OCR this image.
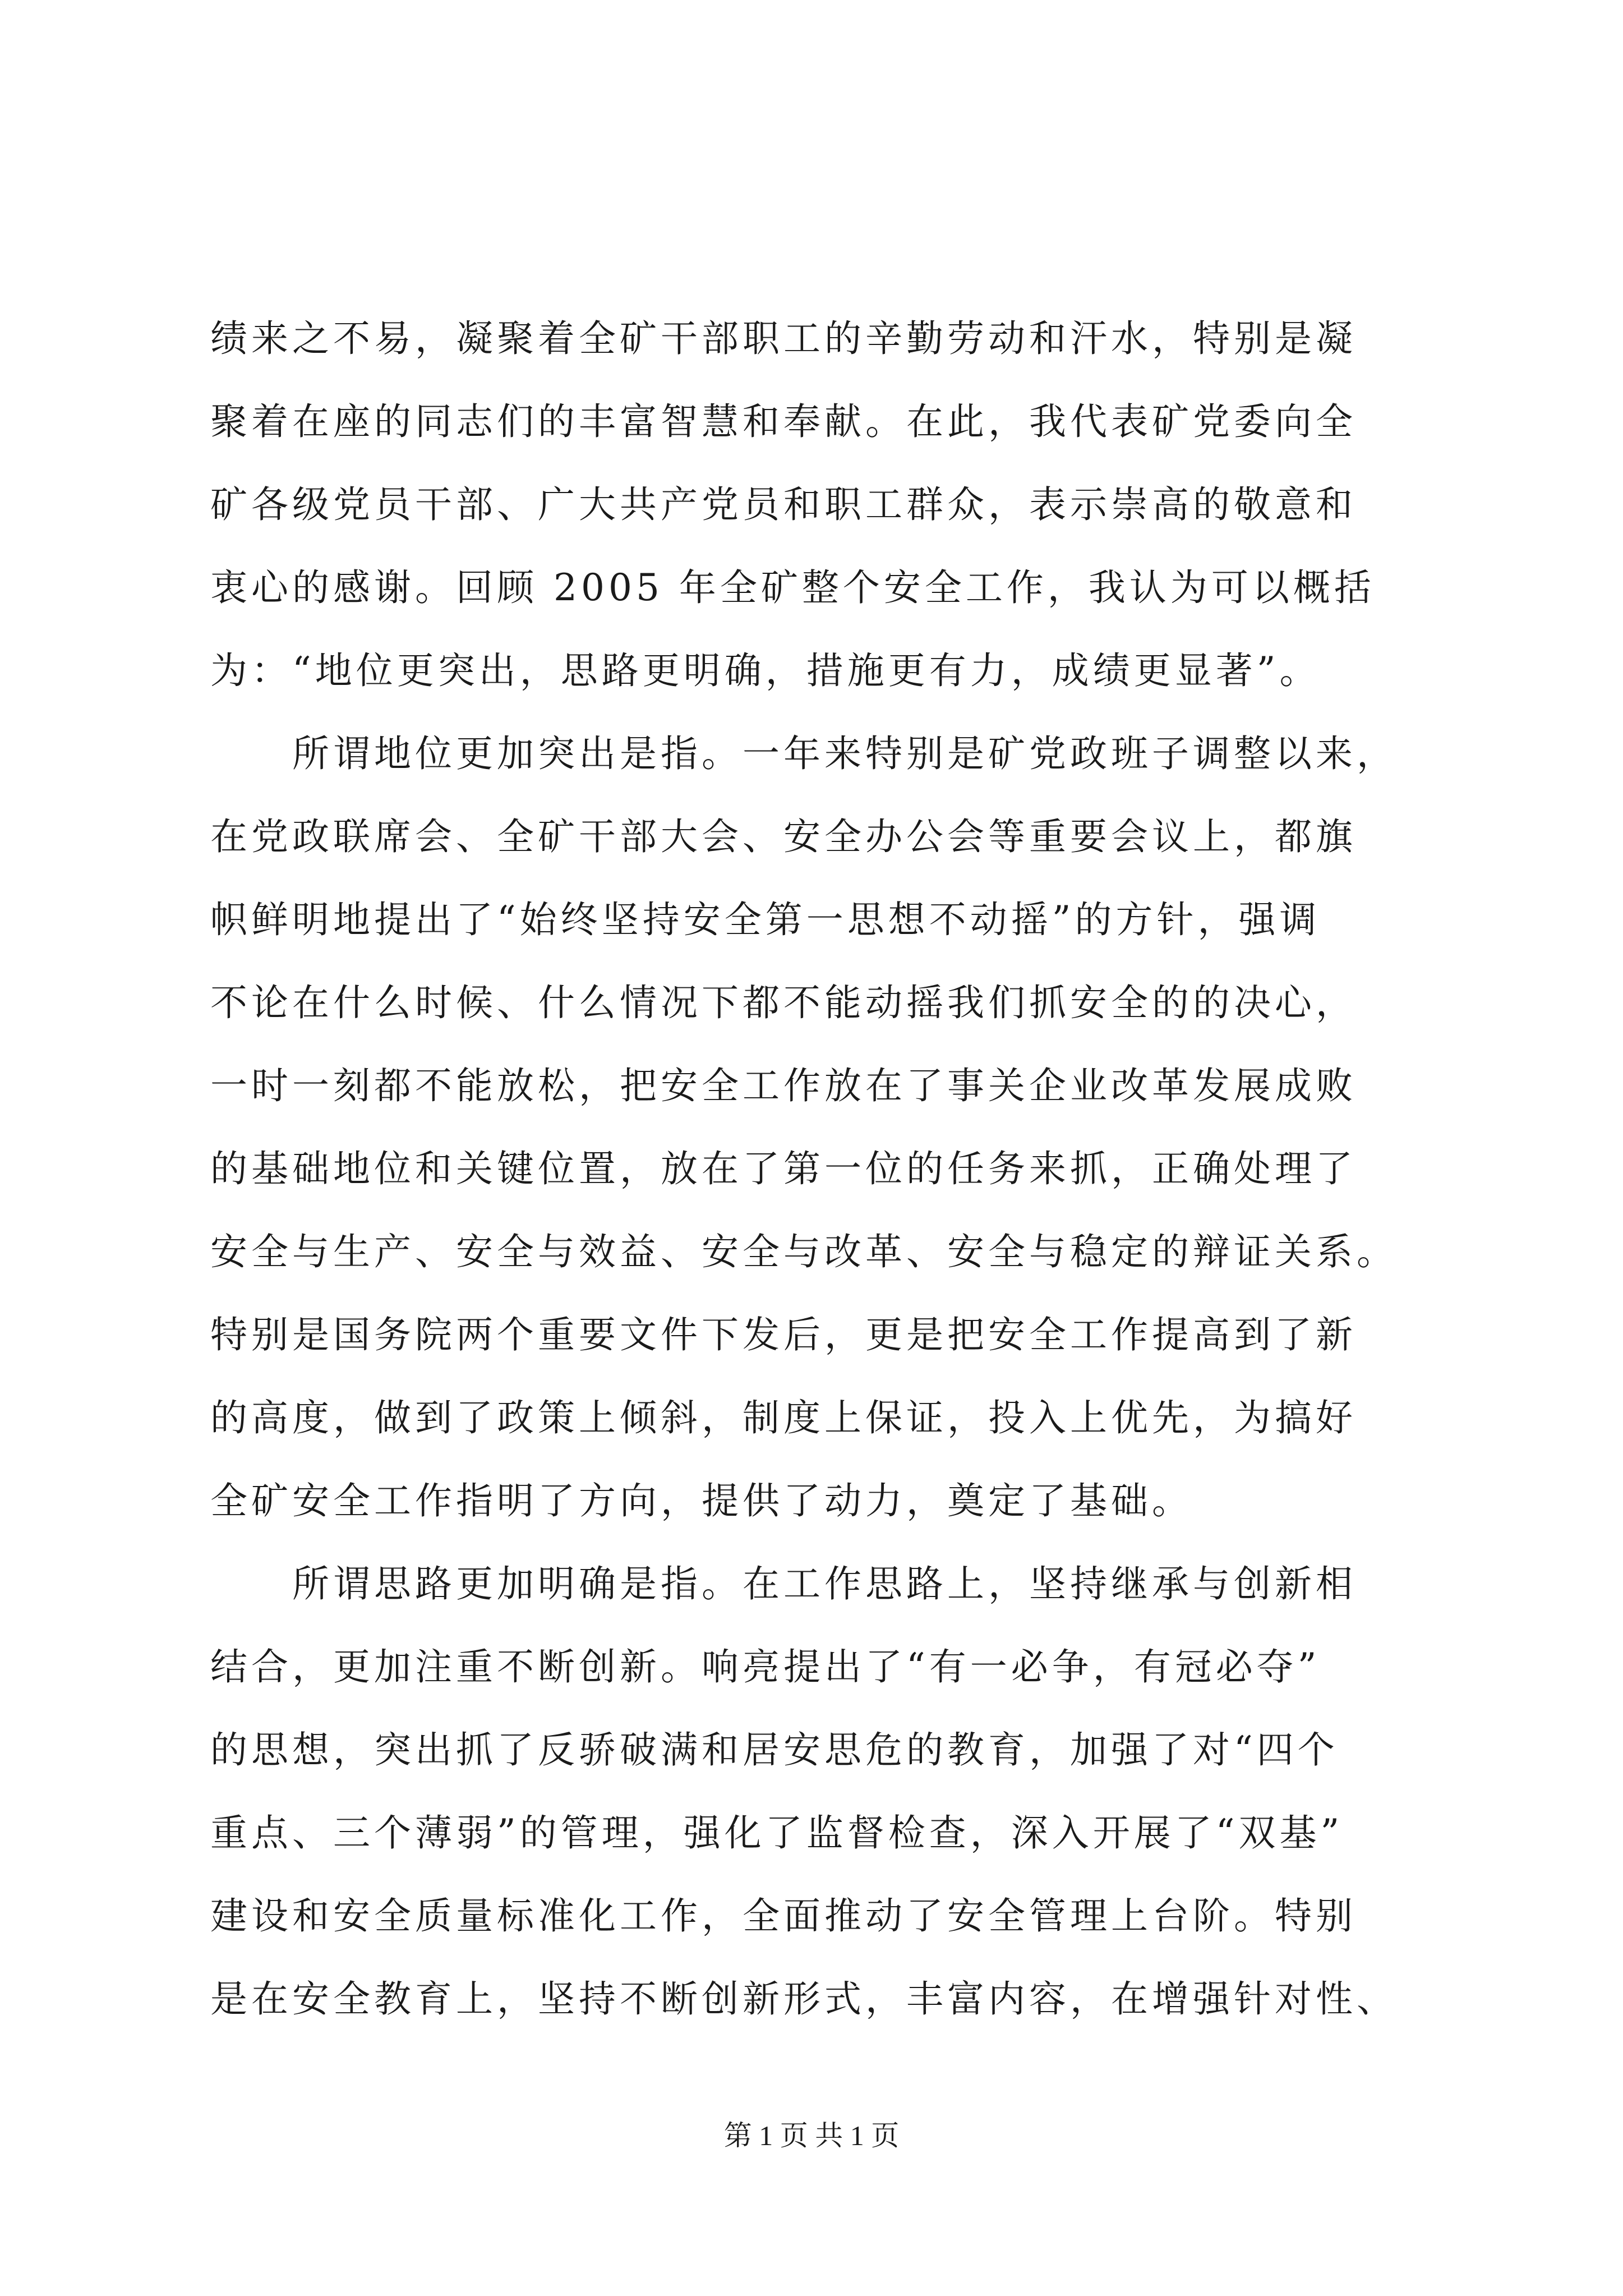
绩来之不易，凝聚着全矿干部职工的辛勤劳动和汗水，特别是凝
聚着在座的同志们的丰富智慧和奉献。在此，我代表矿党委向全
矿各级党员干部、广大共产党员和职工群众，表示崇高的敬意和
衷心的感谢。回顾 2005 年全矿整个安全工作，我认为可以概括
为：“地位更突出，思路更明确，措施更有力，成绩更显著”。
　　所谓地位更加突出是指。一年来特别是矿党政班子调整以来，
在党政联席会、全矿干部大会、安全办公会等重要会议上，都旗
帜鲜明地提出了“始终坚持安全第一思想不动摇”的方针，强调
不论在什么时候、什么情况下都不能动摇我们抓安全的的决心，
一时一刻都不能放松，把安全工作放在了事关企业改革发展成败
的基础地位和关键位置，放在了第一位的任务来抓，正确处理了
安全与生产、安全与效益、安全与改革、安全与稳定的辩证关系。
特别是国务院两个重要文件下发后，更是把安全工作提高到了新
的高度，做到了政策上倾斜，制度上保证，投入上优先，为搞好
全矿安全工作指明了方向，提供了动力，奠定了基础。
　　所谓思路更加明确是指。在工作思路上，坚持继承与创新相
结合，更加注重不断创新。响亮提出了“有一必争，有冠必夺”
的思想，突出抓了反骄破满和居安思危的教育，加强了对“四个
重点、三个薄弱”的管理，强化了监督检查，深入开展了“双基”
建设和安全质量标准化工作，全面推动了安全管理上台阶。特别
是在安全教育上，坚持不断创新形式，丰富内容，在增强针对性、
第 1 页 共 1 页
